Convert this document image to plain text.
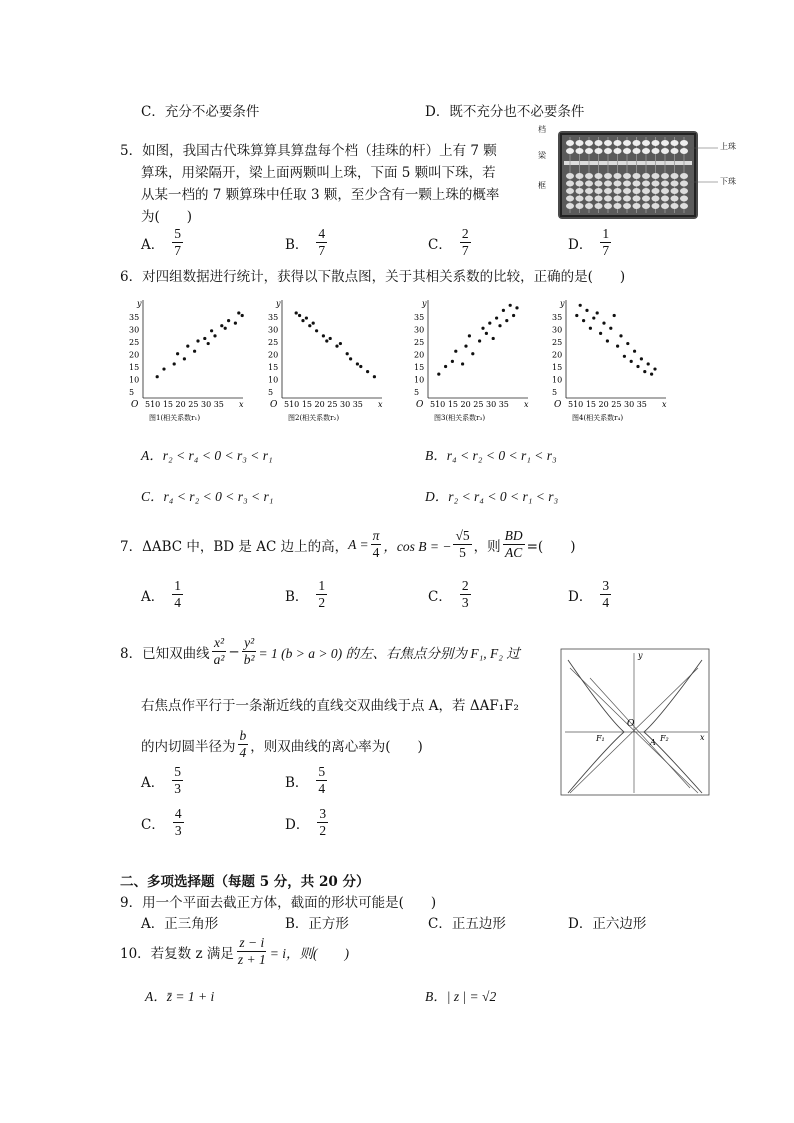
C．充分不必要条件	D．既不充分也不必要条件
5．如图，我国古代珠算算具算盘每个档（挂珠的杆）上有 7 颗
算珠，用梁隔开，梁上面两颗叫上珠，下面 5 颗叫下珠，若
从某一档的 7 颗算珠中任取 3 颗，至少含有一颗上珠的概率
为(　　)
档
梁
框
上珠
下珠
A． $\frac{5}{7}$	B． $\frac{4}{7}$	C． $\frac{2}{7}$	D． $\frac{1}{7}$
6．对四组数据进行统计，获得以下散点图，关于其相关系数的比较，正确的是(　　)
y
35
30
25
20
15
10
5
O 510 15 20 25 30 35 x
图1(相关系数r₁)
y
35
30
25
20
15
10
5
O 510 15 20 25 30 35 x
图2(相关系数r₂)
y
35
30
25
20
15
10
5
O 510 15 20 25 30 35 x
图3(相关系数r₃)
y
35
30
25
20
15
10
5
O 510 15 20 25 30 35 x
图4(相关系数r₄)
A．r₂ < r₄ < 0 < r₃ < r₁	B．r₄ < r₂ < 0 < r₁ < r₃
C．r₄ < r₂ < 0 < r₃ < r₁	D．r₂ < r₄ < 0 < r₁ < r₃
7．ΔABC 中，BD 是 AC 边上的高， $A = \frac{\pi}{4}$ ，cos B = − $\frac{√5}{5}$ ，则 $\frac{BD}{AC}$ =(　　)
A． $\frac{1}{4}$	B． $\frac{1}{2}$	C． $\frac{2}{3}$	D． $\frac{3}{4}$
8．已知双曲线 $\frac{\text{x²}}{\text{a²}} - \frac{\text{y²}}{\text{b²}} = 1$ (b > a > 0) 的左、右焦点分别为 F₁, F₂ 过
右焦点作平行于一条渐近线的直线交双曲线于点 A，若 ΔAF₁F₂
的内切圆半径为 $\frac{b}{4}$ ，则双曲线的离心率为(　　)
A． $\frac{5}{3}$	B． $\frac{5}{4}$
C． $\frac{4}{3}$	D． $\frac{3}{2}$
y
x
O
F₁	F₂
A
二、多项选择题（每题 5 分，共 20 分）
9．用一个平面去截正方体，截面的形状可能是(　　)
A．正三角形	B．正方形	C．正五边形	D．正六边形
10．若复数 z 满足 $\frac{z - i}{z + 1} = i$，则(　　)
A．z̄ = 1 + i	B．| z | = √2
